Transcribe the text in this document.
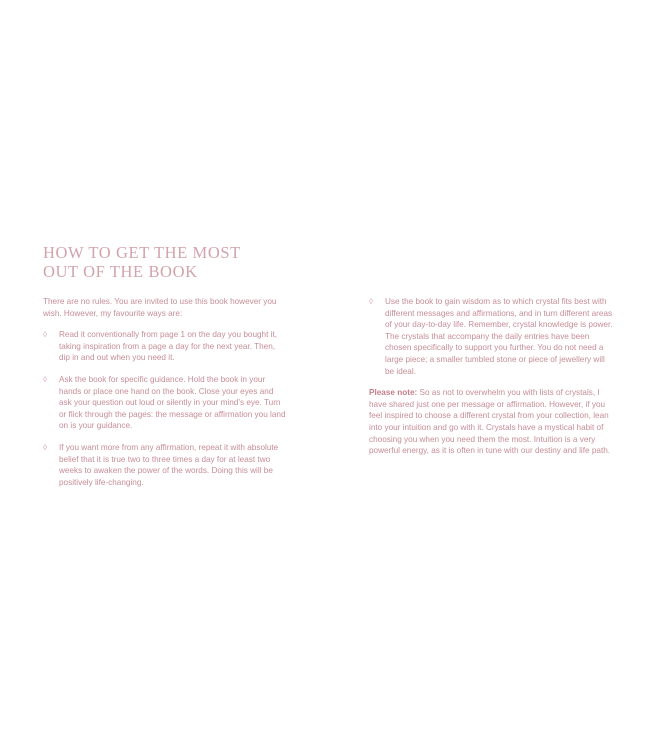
HOW TO GET THE MOST
OUT OF THE BOOK

There are no rules. You are invited to use this book however you wish. However, my favourite ways are:

◊ Read it conventionally from page 1 on the day you bought it, taking inspiration from a page a day for the next year. Then, dip in and out when you need it.
◊ Ask the book for specific guidance. Hold the book in your hands or place one hand on the book. Close your eyes and ask your question out loud or silently in your mind’s eye. Turn or flick through the pages: the message or affirmation you land on is your guidance.
◊ If you want more from any affirmation, repeat it with absolute belief that it is true two to three times a day for at least two weeks to awaken the power of the words. Doing this will be positively life-changing.
◊ Use the book to gain wisdom as to which crystal fits best with different messages and affirmations, and in turn different areas of your day-to-day life. Remember, crystal knowledge is power. The crystals that accompany the daily entries have been chosen specifically to support you further. You do not need a large piece; a smaller tumbled stone or piece of jewellery will be ideal.

Please note: So as not to overwhelm you with lists of crystals, I have shared just one per message or affirmation. However, if you feel inspired to choose a different crystal from your collection, lean into your intuition and go with it. Crystals have a mystical habit of choosing you when you need them the most. Intuition is a very powerful energy, as it is often in tune with our destiny and life path.
